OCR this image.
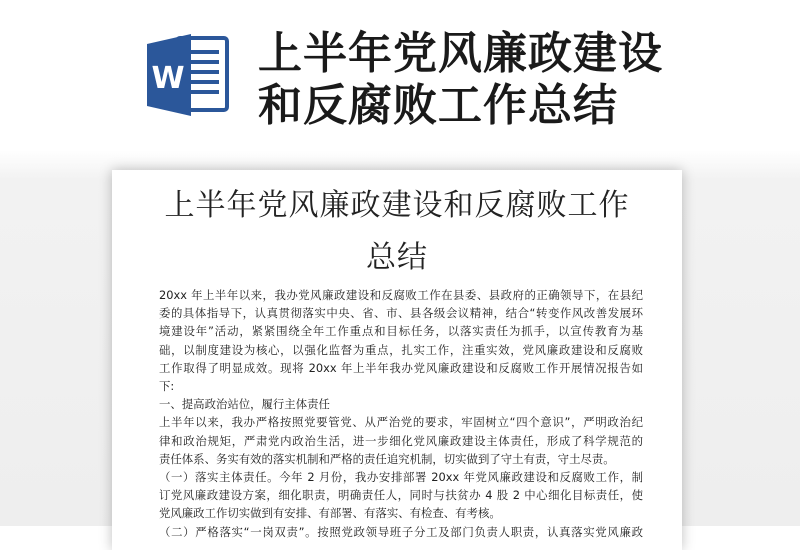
W 上半年党风廉政建设
和反腐败工作总结
上半年党风廉政建设和反腐败工作
总结

20xx 年上半年以来，我办党风廉政建设和反腐败工作在县委、县政府的正确领导下，在县纪
委的具体指导下，认真贯彻落实中央、省、市、县各级会议精神，结合“转变作风改善发展环
境建设年”活动，紧紧围绕全年工作重点和目标任务，以落实责任为抓手，以宣传教育为基
础，以制度建设为核心，以强化监督为重点，扎实工作，注重实效，党风廉政建设和反腐败
工作取得了明显成效。现将 20xx 年上半年我办党风廉政建设和反腐败工作开展情况报告如
下:

一、提高政治站位，履行主体责任

上半年以来，我办严格按照党要管党、从严治党的要求，牢固树立“四个意识”，严明政治纪
律和政治规矩，严肃党内政治生活，进一步细化党风廉政建设主体责任，形成了科学规范的
责任体系、务实有效的落实机制和严格的责任追究机制，切实做到了守土有责，守土尽责。

（一）落实主体责任。今年 2 月份，我办安排部署 20xx 年党风廉政建设和反腐败工作，制
订党风廉政建设方案，细化职责，明确责任人，同时与扶贫办 4 股 2 中心细化目标责任，使
党风廉政工作切实做到有安排、有部署、有落实、有检查、有考核。
（二）严格落实“一岗双责”。按照党政领导班子分工及部门负责人职责，认真落实党风廉政
